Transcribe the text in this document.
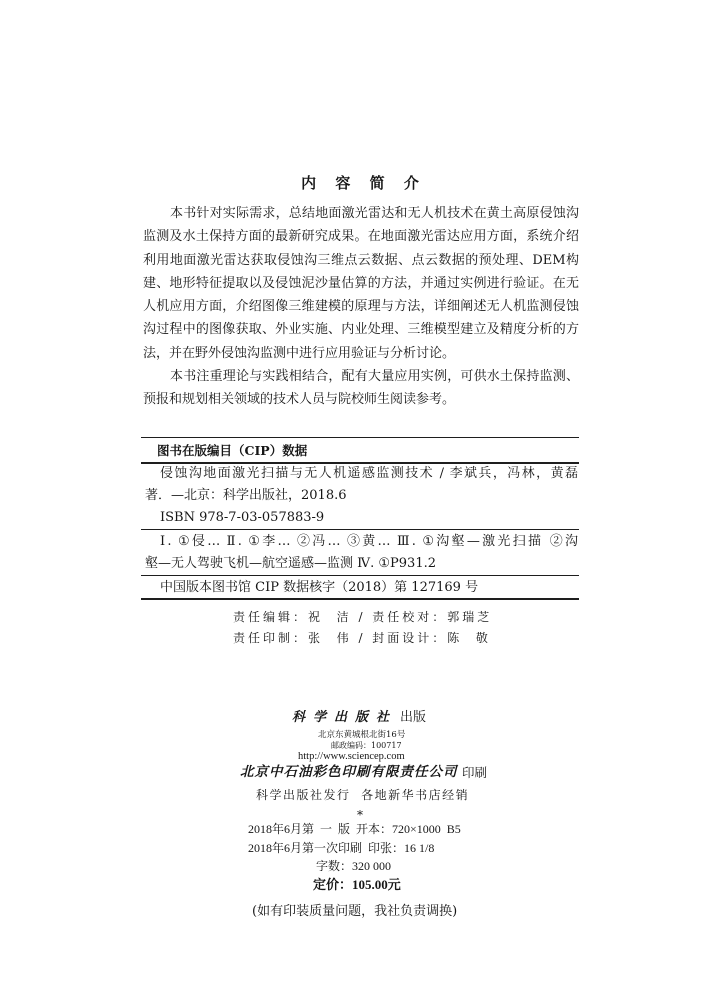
内 容 简 介
本书针对实际需求，总结地面激光雷达和无人机技术在黄土高原侵蚀沟
监测及水土保持方面的最新研究成果。在地面激光雷达应用方面，系统介绍
利用地面激光雷达获取侵蚀沟三维点云数据、点云数据的预处理、DEM构
建、地形特征提取以及侵蚀泥沙量估算的方法，并通过实例进行验证。在无
人机应用方面，介绍图像三维建模的原理与方法，详细阐述无人机监测侵蚀
沟过程中的图像获取、外业实施、内业处理、三维模型建立及精度分析的方
法，并在野外侵蚀沟监测中进行应用验证与分析讨论。
本书注重理论与实践相结合，配有大量应用实例，可供水土保持监测、
预报和规划相关领域的技术人员与院校师生阅读参考。
图书在版编目（CIP）数据
侵蚀沟地面激光扫描与无人机遥感监测技术 / 李斌兵，冯林，黄磊
著．—北京：科学出版社，2018.6
ISBN 978-7-03-057883-9
Ⅰ. ①侵… Ⅱ. ①李… ②冯… ③黄… Ⅲ. ①沟壑—激光扫描 ②沟
壑—无人驾驶飞机—航空遥感—监测 Ⅳ. ①P931.2
中国版本图书馆 CIP 数据核字（2018）第 127169 号
责任编辑：祝  洁 / 责任校对：郭瑞芝
责任印制：张  伟 / 封面设计：陈  敬
科学出版社 出版
北京东黄城根北街16号
邮政编码：100717
http://www.sciencep.com
北京中石油彩色印刷有限责任公司 印刷
科学出版社发行  各地新华书店经销
*
2018年6月第  一  版  开本：720×1000  B5
2018年6月第一次印刷  印张：16 1/8
字数：320 000
定价：105.00元
(如有印装质量问题，我社负责调换)
